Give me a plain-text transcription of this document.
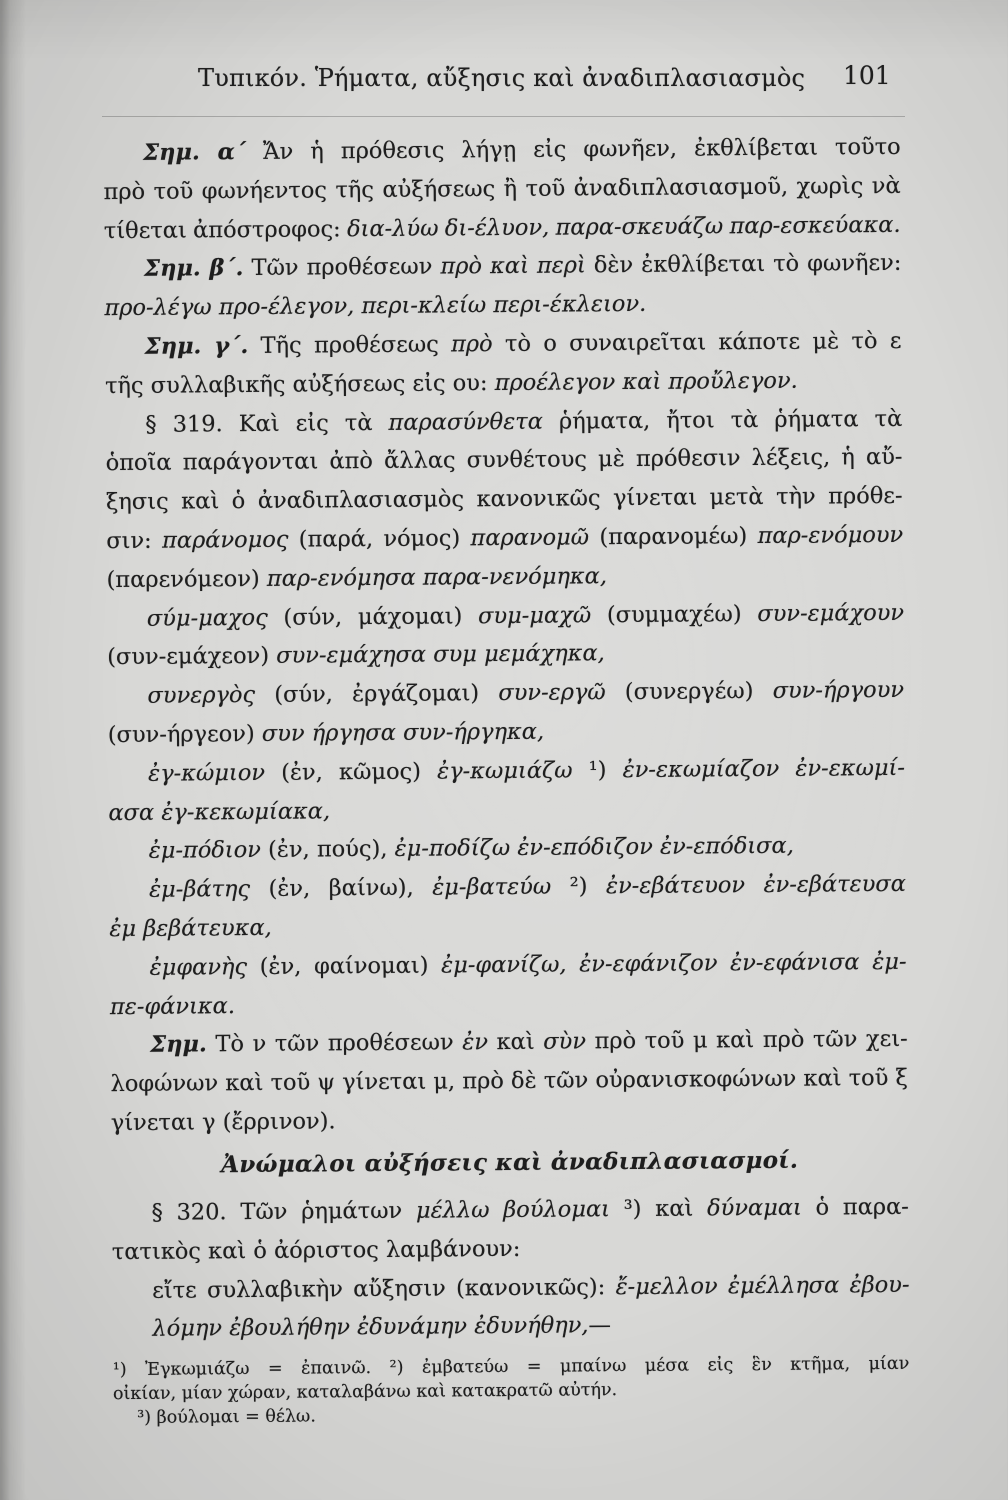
Τυπικόν. Ῥήματα, αὔξησις καὶ ἀναδιπλασιασμὸς 101
Σημ. α΄ Ἄν ἡ πρόθεσις λήγῃ εἰς φωνῆεν, ἐκθλίβεται τοῦτο
πρὸ τοῦ φωνήεντος τῆς αὐξήσεως ἢ τοῦ ἀναδιπλασιασμοῦ, χωρὶς νὰ
τίθεται ἀπόστροφος: δια-λύω δι-έλυον, παρα-σκευάζω παρ-εσκεύακα.
Σημ. β΄. Τῶν προθέσεων πρὸ καὶ περὶ δὲν ἐκθλίβεται τὸ φωνῆεν:
προ-λέγω προ-έλεγον, περι-κλείω περι-έκλειον.
Σημ. γ΄. Τῆς προθέσεως πρὸ τὸ ο συναιρεῖται κάποτε μὲ τὸ ε
τῆς συλλαβικῆς αὐξήσεως εἰς ου: προέλεγον καὶ προὔλεγον.
§ 319. Καὶ εἰς τὰ παρασύνθετα ῥήματα, ἤτοι τὰ ῥήματα τὰ
ὁποῖα παράγονται ἀπὸ ἄλλας συνθέτους μὲ πρόθεσιν λέξεις, ἡ αὔ-
ξησις καὶ ὁ ἀναδιπλασιασμὸς κανονικῶς γίνεται μετὰ τὴν πρόθε-
σιν: παράνομος (παρά, νόμος) παρανομῶ (παρανομέω) παρ-ενόμουν
(παρενόμεον) παρ-ενόμησα παρα-νενόμηκα,
σύμ-μαχος (σύν, μάχομαι) συμ-μαχῶ (συμμαχέω) συν-εμάχουν
(συν-εμάχεον) συν-εμάχησα συμ μεμάχηκα,
συνεργὸς (σύν, ἐργάζομαι) συν-εργῶ (συνεργέω) συν-ήργουν
(συν-ήργεον) συν ήργησα συν-ήργηκα,
ἐγ-κώμιον (ἐν, κῶμος) ἐγ-κωμιάζω ¹) ἐν-εκωμίαζον ἐν-εκωμί-
ασα ἐγ-κεκωμίακα,
ἐμ-πόδιον (ἐν, πούς), ἐμ-ποδίζω ἐν-επόδιζον ἐν-επόδισα,
ἐμ-βάτης (ἐν, βαίνω), ἐμ-βατεύω ²) ἐν-εβάτευον ἐν-εβάτευσα
ἐμ βεβάτευκα,
ἐμφανὴς (ἐν, φαίνομαι) ἐμ-φανίζω, ἐν-εφάνιζον ἐν-εφάνισα ἐμ-
πε-φάνικα.
Σημ. Τὸ ν τῶν προθέσεων ἐν καὶ σὺν πρὸ τοῦ μ καὶ πρὸ τῶν χει-
λοφώνων καὶ τοῦ ψ γίνεται μ, πρὸ δὲ τῶν οὐρανισκοφώνων καὶ τοῦ ξ
γίνεται γ (ἔρρινον).
Ἀνώμαλοι αὐξήσεις καὶ ἀναδιπλασιασμοί.
§ 320. Τῶν ῥημάτων μέλλω βούλομαι ³) καὶ δύναμαι ὁ παρα-
τατικὸς καὶ ὁ ἀόριστος λαμβάνουν:
εἴτε συλλαβικὴν αὔξησιν (κανονικῶς): ἔ-μελλον ἐμέλλησα ἐβου-
λόμην ἐβουλήθην ἐδυνάμην ἐδυνήθην,—
¹) Ἐγκωμιάζω = ἐπαινῶ. ²) ἐμβατεύω = μπαίνω μέσα εἰς ἓν κτῆμα, μίαν
οἰκίαν, μίαν χώραν, καταλαβάνω καὶ κατακρατῶ αὐτήν.
³) βούλομαι = θέλω.
